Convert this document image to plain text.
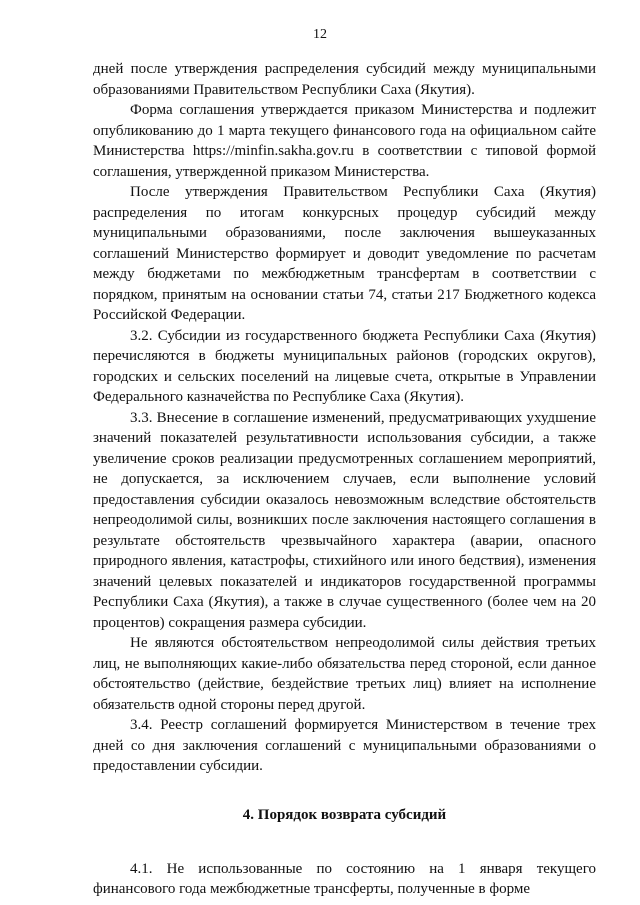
12

дней после утверждения распределения субсидий между муниципальными образованиями Правительством Республики Саха (Якутия).

Форма соглашения утверждается приказом Министерства и подлежит опубликованию до 1 марта текущего финансового года на официальном сайте Министерства https://minfin.sakha.gov.ru в соответствии с типовой формой соглашения, утвержденной приказом Министерства.

После утверждения Правительством Республики Саха (Якутия) распределения по итогам конкурсных процедур субсидий между муниципальными образованиями, после заключения вышеуказанных соглашений Министерство формирует и доводит уведомление по расчетам между бюджетами по межбюджетным трансфертам в соответствии с порядком, принятым на основании статьи 74, статьи 217 Бюджетного кодекса Российской Федерации.

3.2. Субсидии из государственного бюджета Республики Саха (Якутия) перечисляются в бюджеты муниципальных районов (городских округов), городских и сельских поселений на лицевые счета, открытые в Управлении Федерального казначейства по Республике Саха (Якутия).

3.3. Внесение в соглашение изменений, предусматривающих ухудшение значений показателей результативности использования субсидии, а также увеличение сроков реализации предусмотренных соглашением мероприятий, не допускается, за исключением случаев, если выполнение условий предоставления субсидии оказалось невозможным вследствие обстоятельств непреодолимой силы, возникших после заключения настоящего соглашения в результате обстоятельств чрезвычайного характера (аварии, опасного природного явления, катастрофы, стихийного или иного бедствия), изменения значений целевых показателей и индикаторов государственной программы Республики Саха (Якутия), а также в случае существенного (более чем на 20 процентов) сокращения размера субсидии.

Не являются обстоятельством непреодолимой силы действия третьих лиц, не выполняющих какие-либо обязательства перед стороной, если данное обстоятельство (действие, бездействие третьих лиц) влияет на исполнение обязательств одной стороны перед другой.

3.4. Реестр соглашений формируется Министерством в течение трех дней со дня заключения соглашений с муниципальными образованиями о предоставлении субсидии.

4. Порядок возврата субсидий

4.1. Не использованные по состоянию на 1 января текущего финансового года межбюджетные трансферты, полученные в форме
